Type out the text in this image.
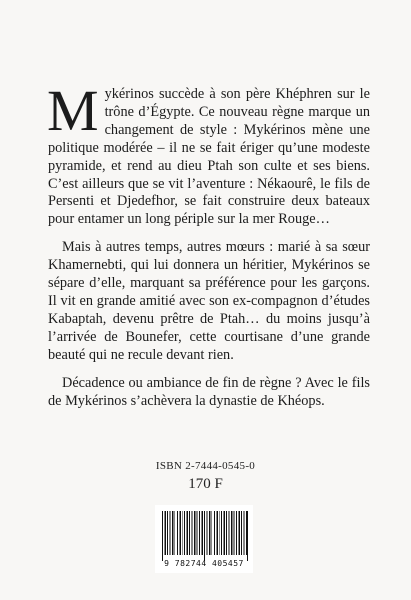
Mykérinos succède à son père Khéphren sur le trône d’Égypte. Ce nouveau règne marque un changement de style : Mykérinos mène une politique modérée – il ne se fait ériger qu’une modeste pyramide, et rend au dieu Ptah son culte et ses biens. C’est ailleurs que se vit l’aventure : Nékaourê, le fils de Persenti et Djedefhor, se fait construire deux bateaux pour entamer un long périple sur la mer Rouge…

Mais à autres temps, autres mœurs : marié à sa sœur Khamernebti, qui lui donnera un héritier, Mykérinos se sépare d’elle, marquant sa préférence pour les garçons. Il vit en grande amitié avec son ex-compagnon d’études Kabaptah, devenu prêtre de Ptah… du moins jusqu’à l’arrivée de Bounefer, cette courtisane d’une grande beauté qui ne recule devant rien.

Décadence ou ambiance de fin de règne ? Avec le fils de Mykérinos s’achèvera la dynastie de Khéops.

ISBN 2-7444-0545-0
170 F
9 782744 405457
